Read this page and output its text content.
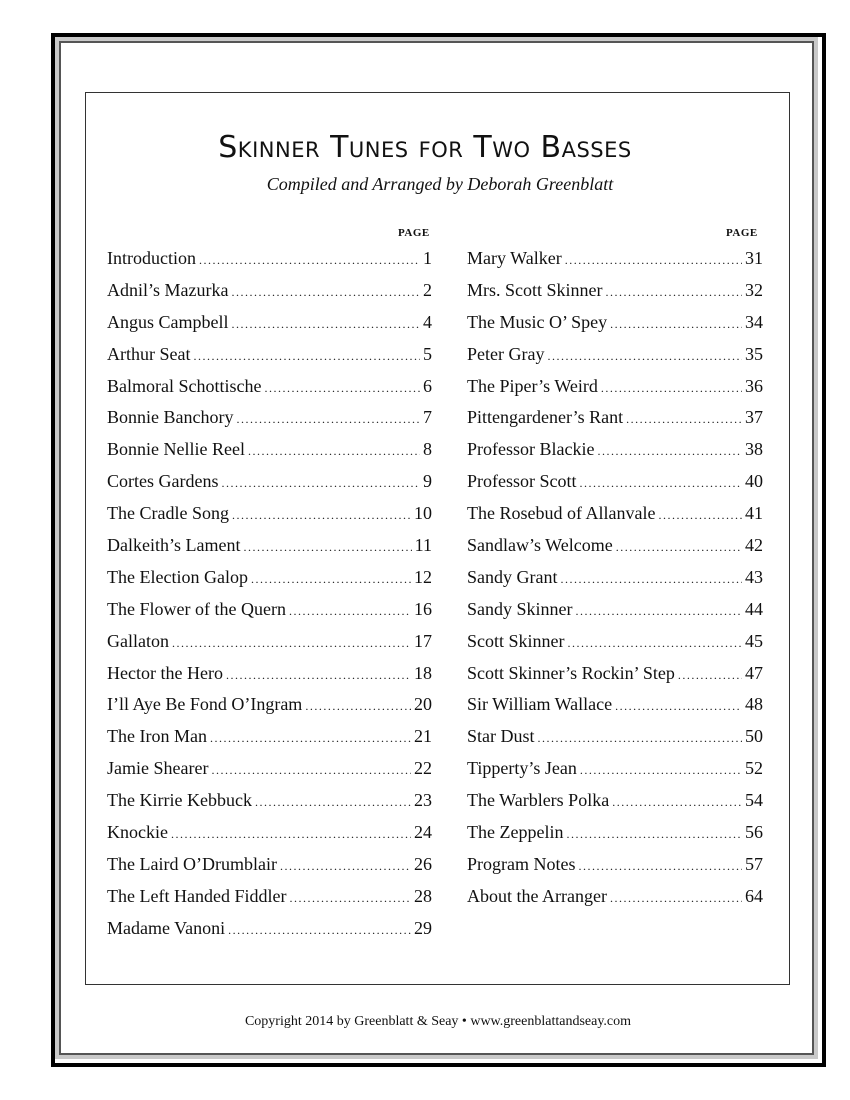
Skinner Tunes for Two Basses
Compiled and Arranged by Deborah Greenblatt
PAGE	PAGE
Introduction .....	1
Adnil’s Mazurka .....	2
Angus Campbell .....	4
Arthur Seat .....	5
Balmoral Schottische .....	6
Bonnie Banchory .....	7
Bonnie Nellie Reel .....	8
Cortes Gardens .....	9
The Cradle Song .....	10
Dalkeith’s Lament .....	11
The Election Galop .....	12
The Flower of the Quern .....	16
Gallaton .....	17
Hector the Hero .....	18
I’ll Aye Be Fond O’Ingram .....	20
The Iron Man .....	21
Jamie Shearer .....	22
The Kirrie Kebbuck .....	23
Knockie .....	24
The Laird O’Drumblair .....	26
The Left Handed Fiddler .....	28
Madame Vanoni .....	29
Mary Walker .....	31
Mrs. Scott Skinner .....	32
The Music O’ Spey .....	34
Peter Gray .....	35
The Piper’s Weird .....	36
Pittengardener’s Rant .....	37
Professor Blackie .....	38
Professor Scott .....	40
The Rosebud of Allanvale .....	41
Sandlaw’s Welcome .....	42
Sandy Grant .....	43
Sandy Skinner .....	44
Scott Skinner .....	45
Scott Skinner’s Rockin’ Step .....	47
Sir William Wallace .....	48
Star Dust .....	50
Tipperty’s Jean .....	52
The Warblers Polka .....	54
The Zeppelin .....	56
Program Notes .....	57
About the Arranger .....	64
Copyright 2014 by Greenblatt & Seay • www.greenblattandseay.com
